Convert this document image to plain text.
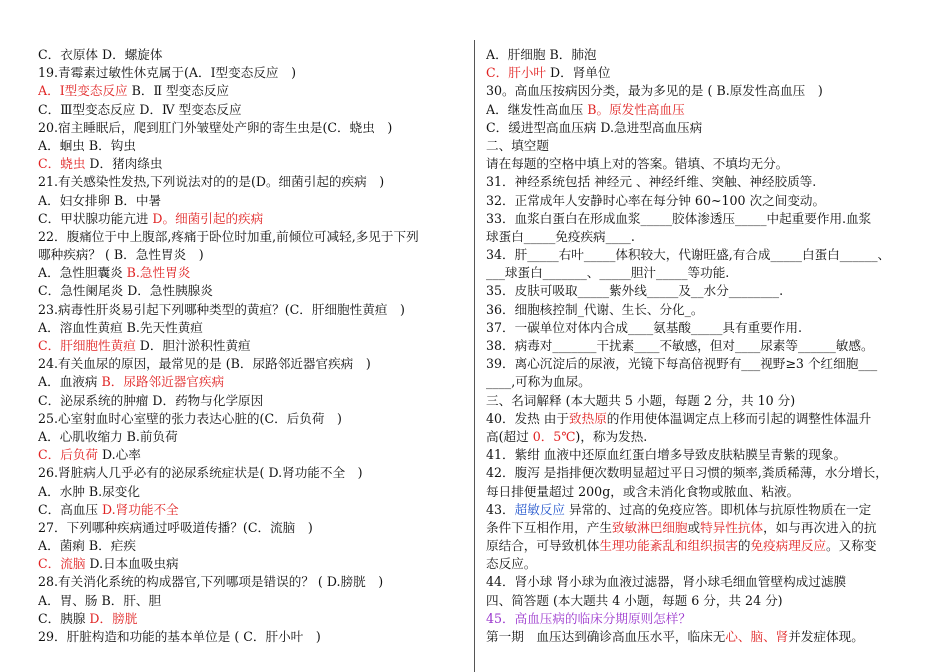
C．衣原体 D．螺旋体
19.青霉素过敏性休克属于(A．Ⅰ型变态反应　)
A．Ⅰ型变态反应 B．Ⅱ 型变态反应
C．Ⅲ型变态反应 D．Ⅳ 型变态反应
20.宿主睡眠后，爬到肛门外皱壁处产卵的寄生虫是(C．蛲虫　)
A．蛔虫 B．钩虫
C．蛲虫 D．猪肉绦虫
21.有关感染性发热,下列说法对的的是(D。细菌引起的疾病　)
A．妇女排卵 B．中暑
C．甲状腺功能亢进 D。细菌引起的疾病
22．腹痛位于中上腹部,疼痛于卧位时加重,前倾位可减轻,多见于下列
哪种疾病？ ( B．急性胃炎　)
A．急性胆囊炎 B.急性胃炎
C．急性阑尾炎 D．急性胰腺炎
23.病毒性肝炎易引起下列哪种类型的黄疸？(C．肝细胞性黄疸　)
A．溶血性黄疸 B.先天性黄疸
C．肝细胞性黄疸 D．胆汁淤积性黄疸
24.有关血尿的原因，最常见的是 (B．尿路邻近器官疾病　)
A．血液病 B．尿路邻近器官疾病
C．泌尿系统的肿瘤 D．药物与化学原因
25.心室射血时心室壁的张力表达心脏的(C．后负荷　)
A．心肌收缩力 B.前负荷
C．后负荷 D.心率
26.肾脏病人几乎必有的泌尿系统症状是( D.肾功能不全　)
A．水肿 B.尿变化
C．高血压 D.肾功能不全
27．下列哪种疾病通过呼吸道传播？(C．流脑　)
A．菌痢 B．疟疾
C．流脑 D.日本血吸虫病
28.有关消化系统的构成器官,下列哪项是错误的？ ( D.膀胱　)
A．胃、肠 B．肝、胆
C．胰腺 D．膀胱
29．肝脏构造和功能的基本单位是 ( C．肝小叶　)
A．肝细胞 B．肺泡
C．肝小叶 D．肾单位
30。高血压按病因分类，最为多见的是 ( B.原发性高血压　)
A．继发性高血压 B。原发性高血压
C．缓进型高血压病 D.急进型高血压病
二、填空题
请在每题的空格中填上对的答案。错填、不填均无分。
31．神经系统包括 神经元 、神经纤维、突触、神经胶质等.
32．正常成年人安静时心率在每分钟 60~100 次之间变动。
33．血浆白蛋白在形成血浆_____胶体渗透压_____中起重要作用.血浆
球蛋白_____免疫疾病____.
34．肝_____右叶_____体积较大，代谢旺盛,有合成_____白蛋白______、
___球蛋白_______、_____胆汁_____等功能.
35．皮肤可吸取_____紫外线_____及__水分________.
36．细胞核控制_代谢、生长、分化_。
37．一碳单位对体内合成____氨基酸_____具有重要作用.
38．病毒对_______干扰素____不敏感，但对____尿素等______敏感。
39．离心沉淀后的尿液，光镜下每高倍视野有___视野≥3 个红细胞___
____,可称为血尿。
三、名词解释 (本大题共 5 小题，每题 2 分，共 10 分)
40．发热 由于致热原的作用使体温调定点上移而引起的调整性体温升
高(超过 0．5℃)，称为发热.
41．紫绀 血液中还原血红蛋白增多导致皮肤粘膜呈青紫的现象。
42．腹泻 是指排便次数明显超过平日习惯的频率,粪质稀薄，水分增长，
每日排便量超过 200g，或含未消化食物或脓血、粘液。
43．超敏反应 异常的、过高的免疫应答。即机体与抗原性物质在一定
条件下互相作用，产生致敏淋巴细胞或特异性抗体，如与再次进入的抗
原结合，可导致机体生理功能紊乱和组织损害的免疫病理反应。又称变
态反应。
44．肾小球 肾小球为血液过滤器，肾小球毛细血管壁构成过滤膜
四、简答题 (本大题共 4 小题，每题 6 分，共 24 分)
45．高血压病的临床分期原则怎样？
第一期　血压达到确诊高血压水平，临床无心、脑、肾并发症体现。
